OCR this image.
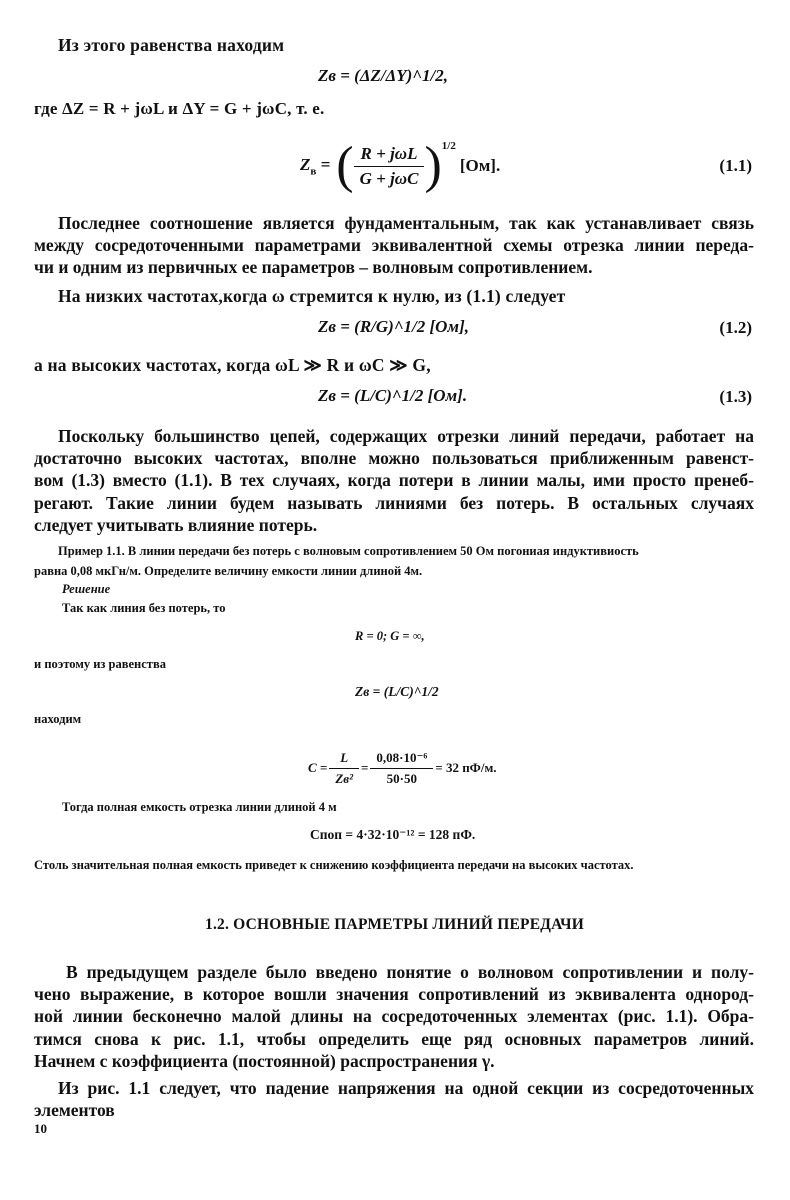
Из этого равенства находим
Zв = (ΔZ/ΔY)^1/2,
где ΔZ = R + jωL и ΔY = G + jωC, т. е.
$Z_в$ = ( $\frac{\text{R + jωL}}{\text{G + jωC}} )^{1/2}$
[Ом].	(1.1)
Последнее соотношение является фундаментальным, так как устанавливает связь
между сосредоточенными параметрами эквивалентной схемы отрезка линии переда-
чи и одним из первичных ее параметров – волновым сопротивлением.
На низких частотах,когда ω стремится к нулю, из (1.1) следует
Zв = (R/G)^1/2 [Ом],	(1.2)
а на высоких частотах, когда ωL ≫ R и ωC ≫ G,
Zв = (L/C)^1/2 [Ом].	(1.3)
Поскольку большинство цепей, содержащих отрезки линий передачи, работает на
достаточно высоких частотах, вполне можно пользоваться приближенным равенст-
вом (1.3) вместо (1.1). В тех случаях, когда потери в линии малы, ими просто пренеб-
регают. Такие линии будем называть линиями без потерь. В остальных случаях
следует учитывать влияние потерь.
Пример 1.1. В линии передачи без потерь с волновым сопротивлением 50 Ом погониая индуктивиость
равна 0,08 мкГн/м. Определите величину емкости линии длиной 4м.
Решение
Так как линия без потерь, то
R = 0; G = ∞,
и поэтому из равенства
Zв = (L/C)^1/2
находим
$C = \frac{L}{\text{Zв²}} = \frac{\text{0,08·10⁻⁶}}{50\cdot 50} = 32$ пФ/м.
Тогда полная емкость отрезка линии длиной 4 м
Cпоп = 4·32·10⁻¹² = 128 пФ.
Столь значительная полная емкость приведет к снижению коэффициента передачи на высоких частотах.
1.2. ОСНОВНЫЕ ПАРМЕТРЫ ЛИНИЙ ПЕРЕДАЧИ
В предыдущем разделе было введено понятие о волновом сопротивлении и полу-
чено выражение, в которое вошли значения сопротивлений из эквивалента однород-
ной линии бесконечно малой длины на сосредоточенных элементах (рис. 1.1). Обра-
тимся снова к рис. 1.1, чтобы определить еще ряд основных параметров линий.
Начнем с коэффициента (постоянной) распространения γ.
Из рис. 1.1 следует, что падение напряжения на одной секции из сосредоточенных
элементов
10
